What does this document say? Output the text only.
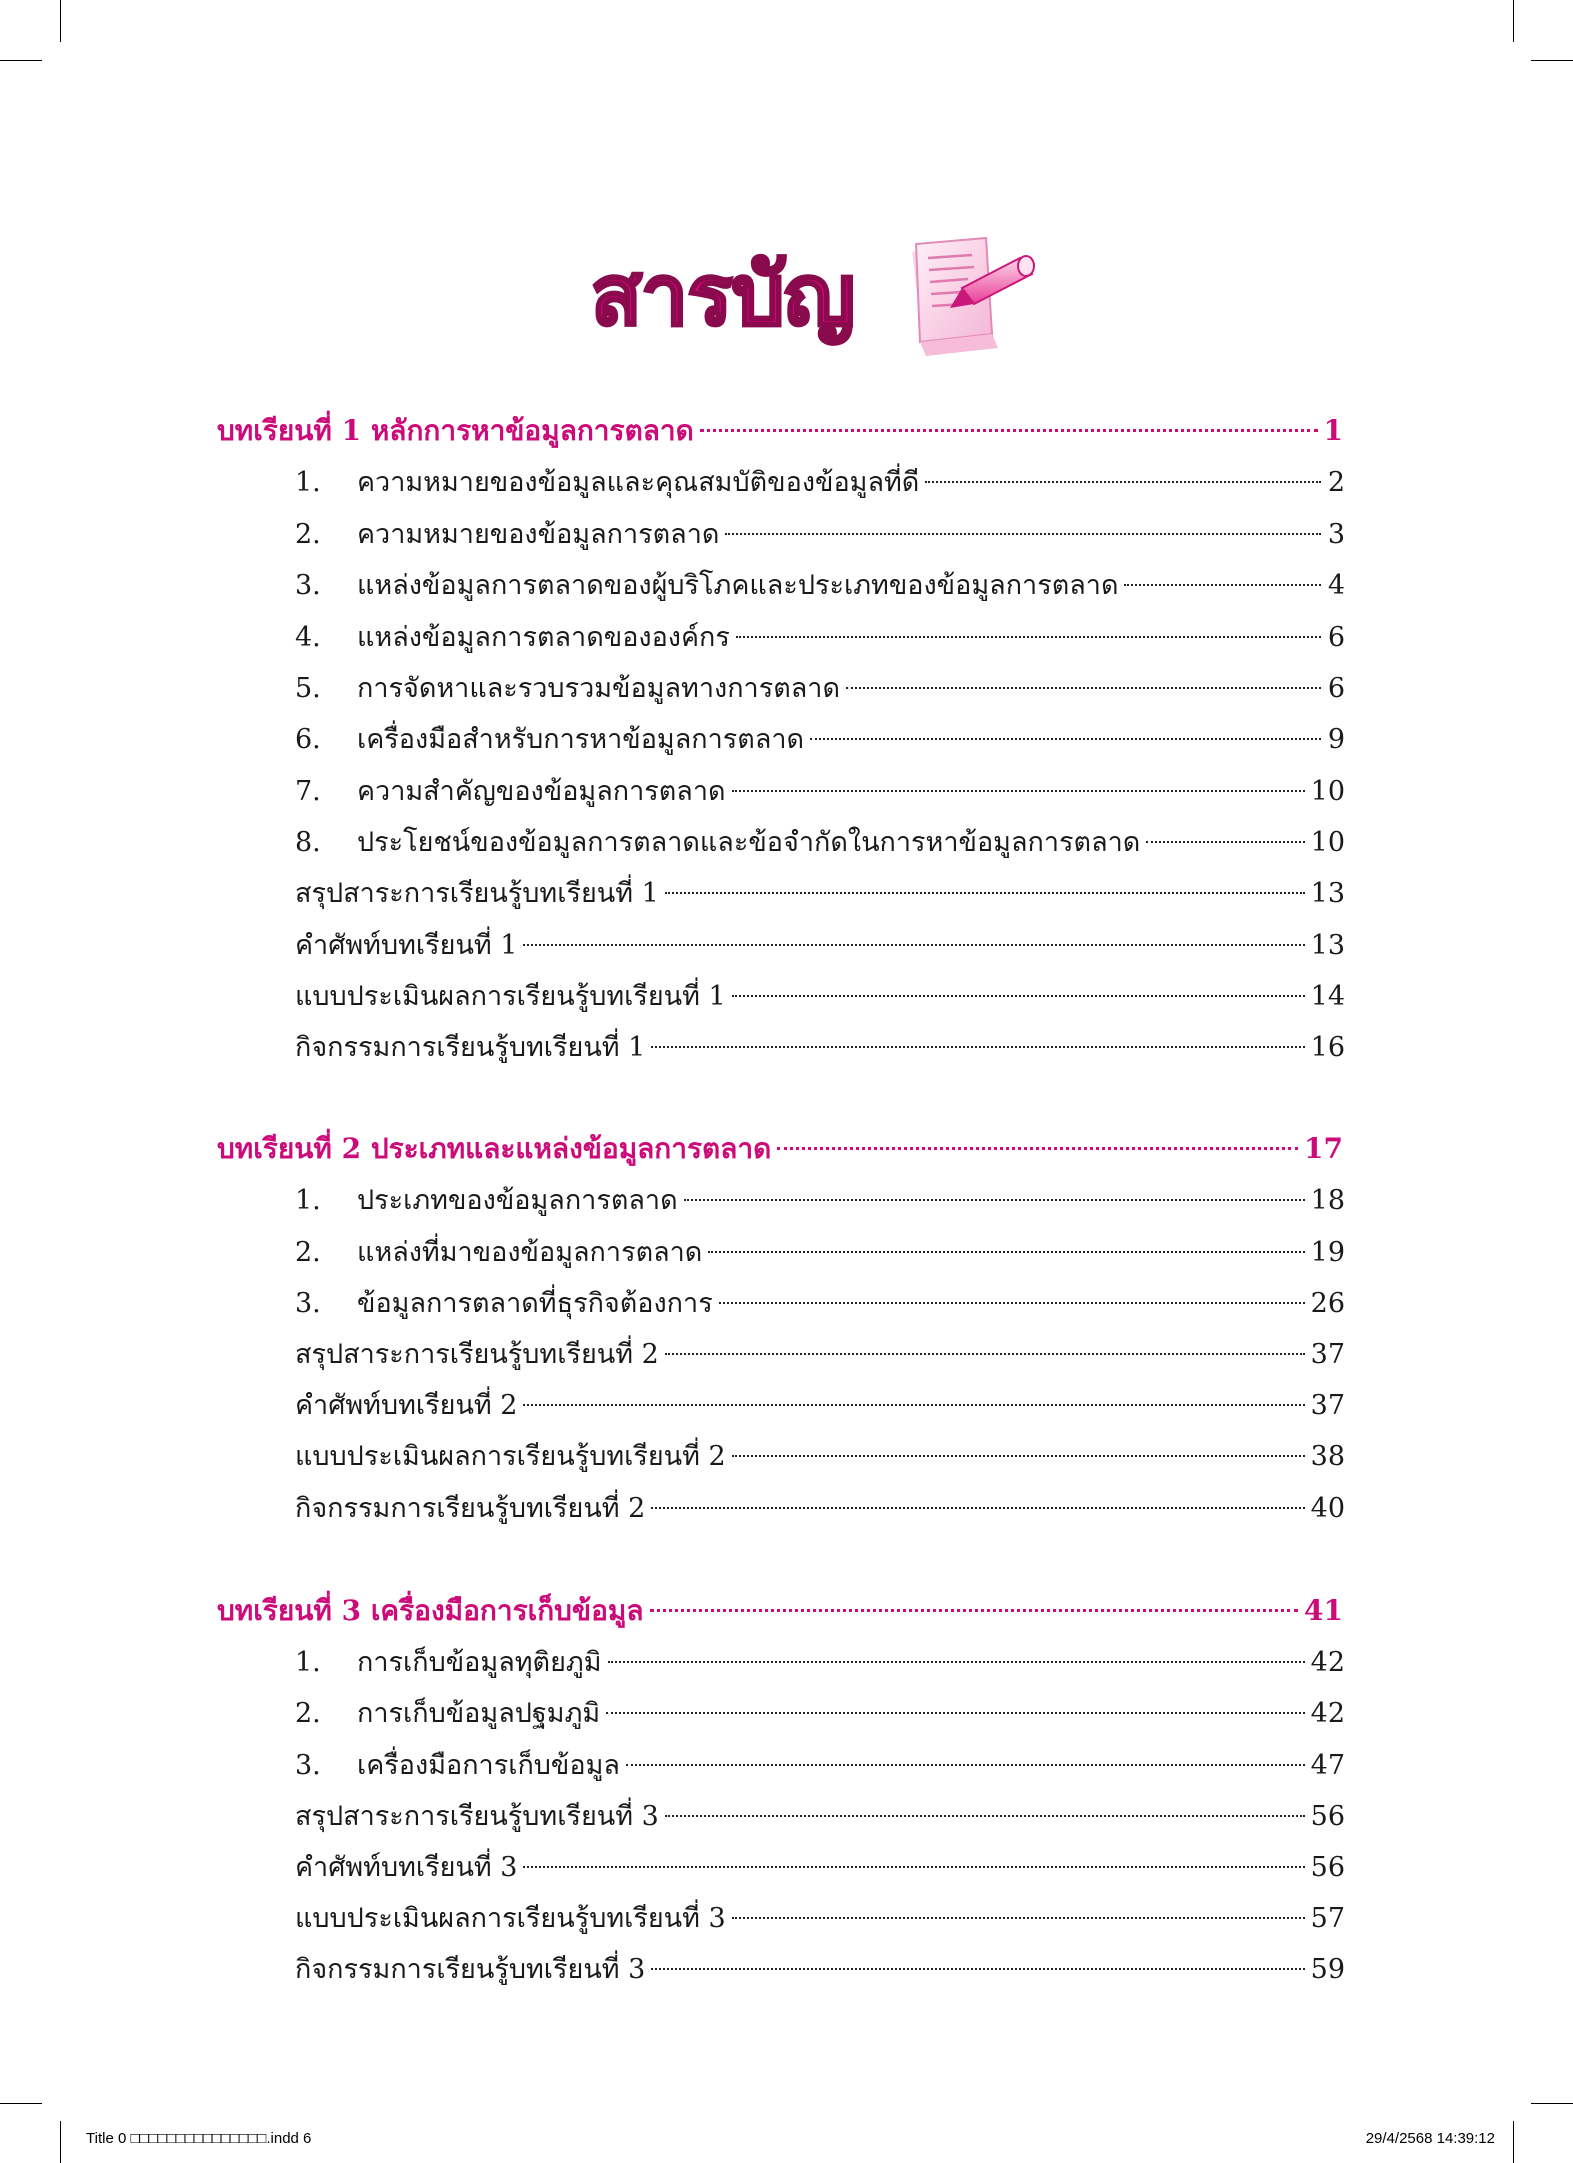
สารบัญ
บทเรียนที่ 1 หลักการหาข้อมูลการตลาด	1
1.	ความหมายของข้อมูลและคุณสมบัติของข้อมูลที่ดี	2
2.	ความหมายของข้อมูลการตลาด	3
3.	แหล่งข้อมูลการตลาดของผู้บริโภคและประเภทของข้อมูลการตลาด	4
4.	แหล่งข้อมูลการตลาดขององค์กร	6
5.	การจัดหาและรวบรวมข้อมูลทางการตลาด	6
6.	เครื่องมือสำหรับการหาข้อมูลการตลาด	9
7.	ความสำคัญของข้อมูลการตลาด	10
8.	ประโยชน์ของข้อมูลการตลาดและข้อจำกัดในการหาข้อมูลการตลาด	10
สรุปสาระการเรียนรู้บทเรียนที่ 1	13
คำศัพท์บทเรียนที่ 1	13
แบบประเมินผลการเรียนรู้บทเรียนที่ 1	14
กิจกรรมการเรียนรู้บทเรียนที่ 1	16
บทเรียนที่ 2 ประเภทและแหล่งข้อมูลการตลาด	17
1.	ประเภทของข้อมูลการตลาด	18
2.	แหล่งที่มาของข้อมูลการตลาด	19
3.	ข้อมูลการตลาดที่ธุรกิจต้องการ	26
สรุปสาระการเรียนรู้บทเรียนที่ 2	37
คำศัพท์บทเรียนที่ 2	37
แบบประเมินผลการเรียนรู้บทเรียนที่ 2	38
กิจกรรมการเรียนรู้บทเรียนที่ 2	40
บทเรียนที่ 3 เครื่องมือการเก็บข้อมูล	41
1.	การเก็บข้อมูลทุติยภูมิ	42
2.	การเก็บข้อมูลปฐมภูมิ	42
3.	เครื่องมือการเก็บข้อมูล	47
สรุปสาระการเรียนรู้บทเรียนที่ 3	56
คำศัพท์บทเรียนที่ 3	56
แบบประเมินผลการเรียนรู้บทเรียนที่ 3	57
กิจกรรมการเรียนรู้บทเรียนที่ 3	59
Title 0 □□□□□□□□□□□□□□□.indd 6	29/4/2568 14:39:12
